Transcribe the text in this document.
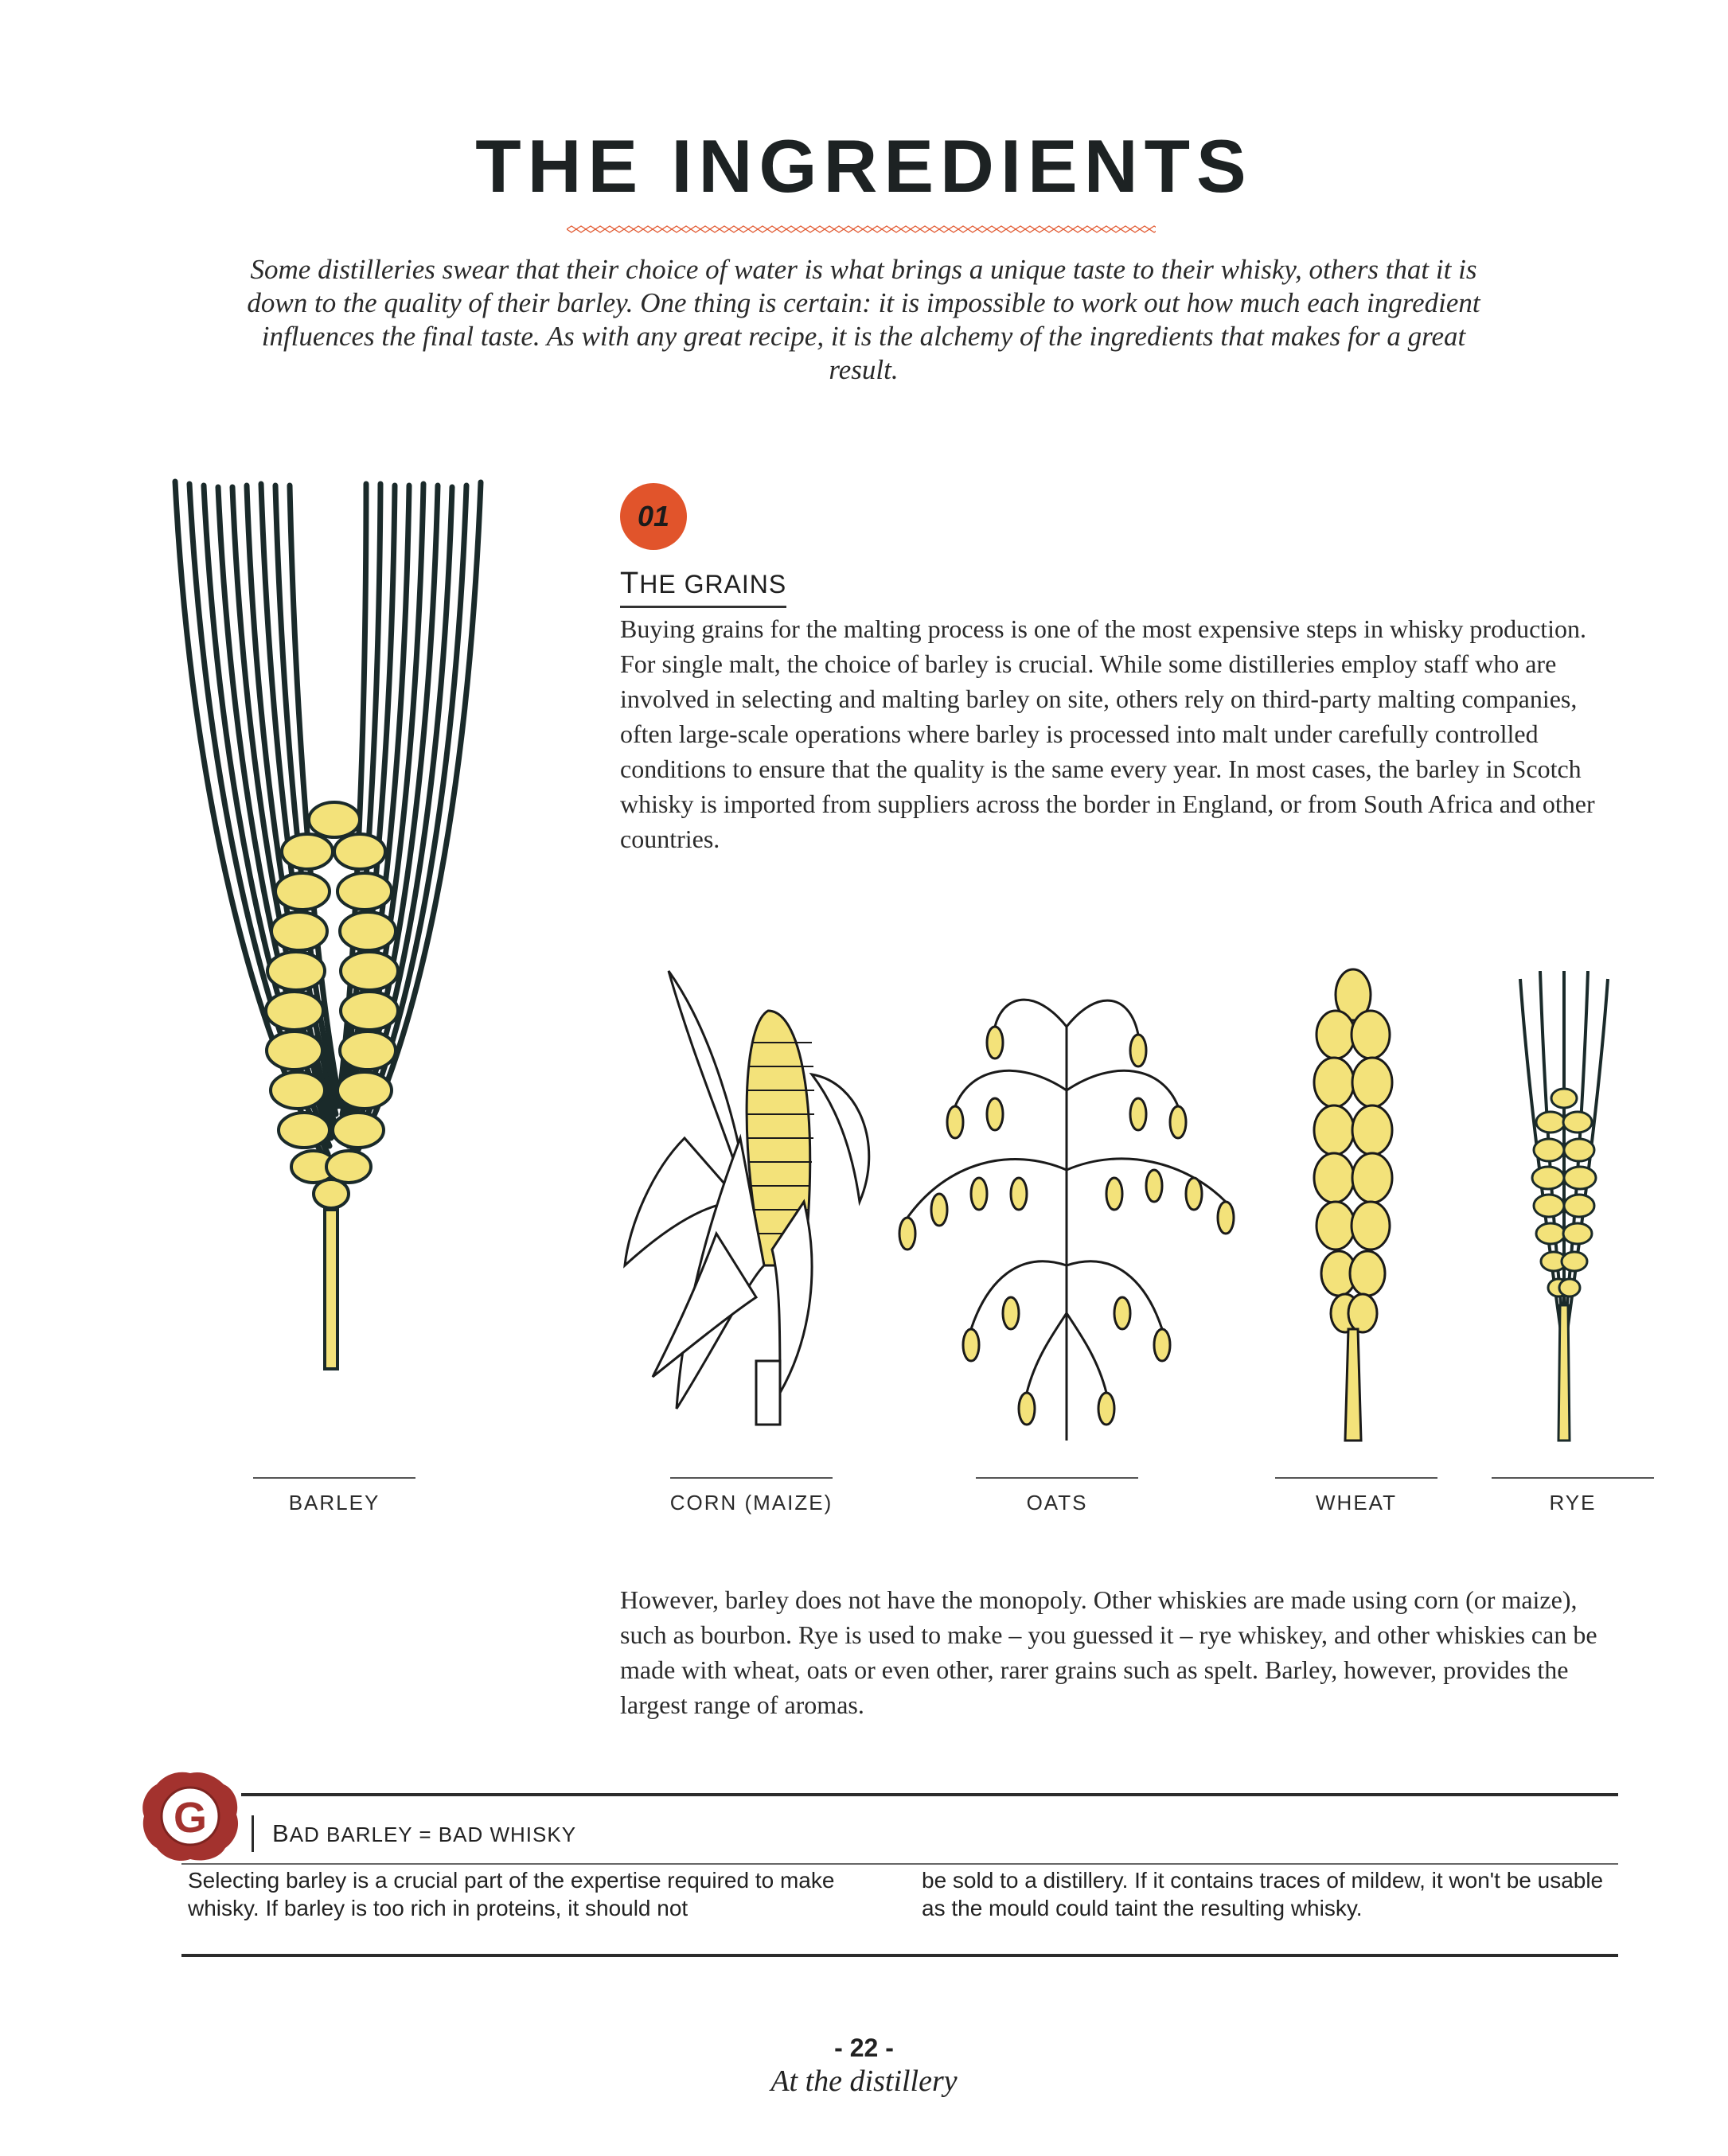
THE INGREDIENTS
Some distilleries swear that their choice of water is what brings a unique taste to their whisky, others that it is down to the quality of their barley. One thing is certain: it is impossible to work out how much each ingredient influences the final taste. As with any great recipe, it is the alchemy of the ingredients that makes for a great result.
01
THE GRAINS
Buying grains for the malting process is one of the most expensive steps in whisky production. For single malt, the choice of barley is crucial. While some distilleries employ staff who are involved in selecting and malting barley on site, others rely on third-party malting companies, often large-scale operations where barley is processed into malt under carefully controlled conditions to ensure that the quality is the same every year. In most cases, the barley in Scotch whisky is imported from suppliers across the border in England, or from South Africa and other countries.
BARLEY	CORN (MAIZE)	OATS	WHEAT	RYE
However, barley does not have the monopoly. Other whiskies are made using corn (or maize), such as bourbon. Rye is used to make – you guessed it – rye whiskey, and other whiskies can be made with wheat, oats or even other, rarer grains such as spelt. Barley, however, provides the largest range of aromas.
G	BAD BARLEY = BAD WHISKY
Selecting barley is a crucial part of the expertise required to make whisky. If barley is too rich in proteins, it should not
be sold to a distillery. If it contains traces of mildew, it won't be usable as the mould could taint the resulting whisky.
- 22 -
At the distillery
